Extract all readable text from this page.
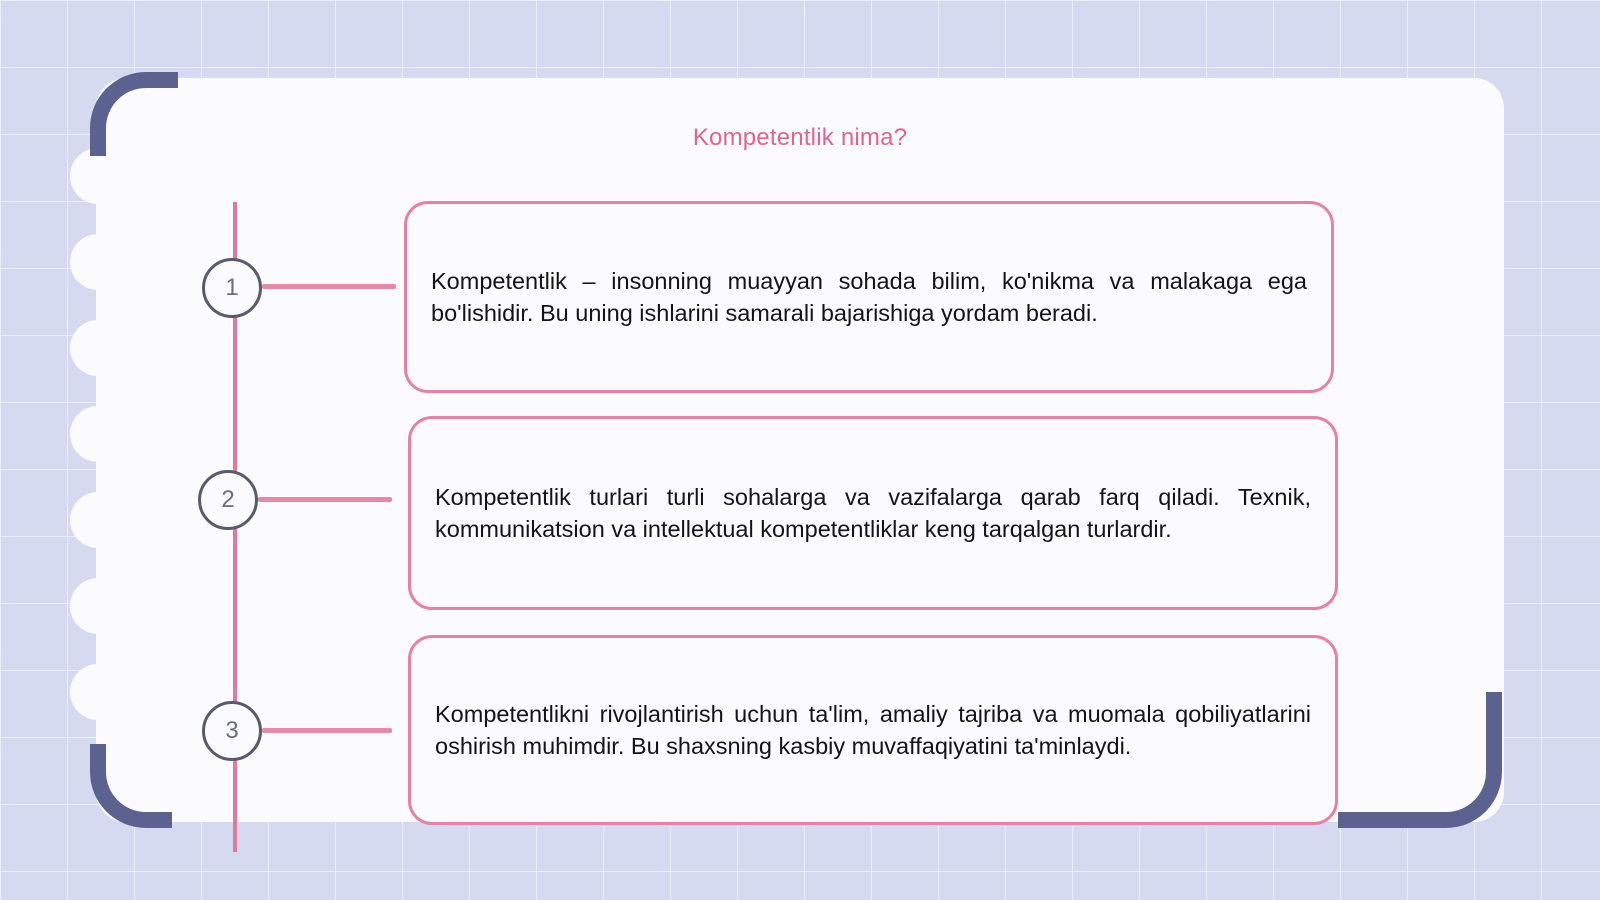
Kompetentlik nima?
1
2
3

Kompetentlik – insonning muayyan sohada bilim, ko'nikma va malakaga ega bo'lishidir. Bu uning ishlarini samarali bajarishiga yordam beradi.

Kompetentlik turlari turli sohalarga va vazifalarga qarab farq qiladi. Texnik, kommunikatsion va intellektual kompetentliklar keng tarqalgan turlardir.

Kompetentlikni rivojlantirish uchun ta'lim, amaliy tajriba va muomala qobiliyatlarini oshirish muhimdir. Bu shaxsning kasbiy muvaffaqiyatini ta'minlaydi.
